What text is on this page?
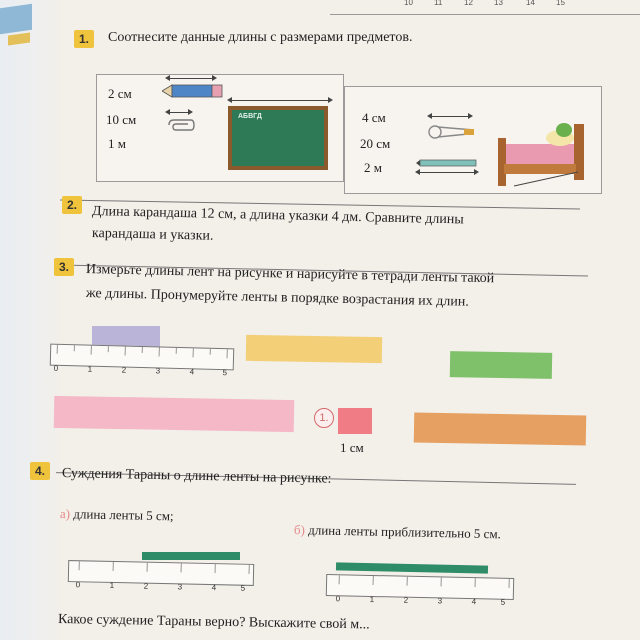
10	11	12	13	14	15
1.	Соотнесите данные длины с размерами предметов.
2 см
10 см
1 м
АБВГД	4 см
20 см
2 м
2.	Длина карандаша 12 см, а длина указки 4 дм. Сравните длины
карандаша и указки.
3.	Измерьте длины лент на рисунке и нарисуйте в тетради ленты такой
же длины. Пронумеруйте ленты в порядке возрастания их длин.
0	1	2	3	4	5
1.
1 см
4.	Суждения Тараны о длине ленты на рисунке:
а) длина ленты 5 см;
б) длина ленты приблизительно 5 см.
0	1	2	3	4	5
0	1	2	3	4	5
Какое суждение Тараны верно? Выскажите свой м...
